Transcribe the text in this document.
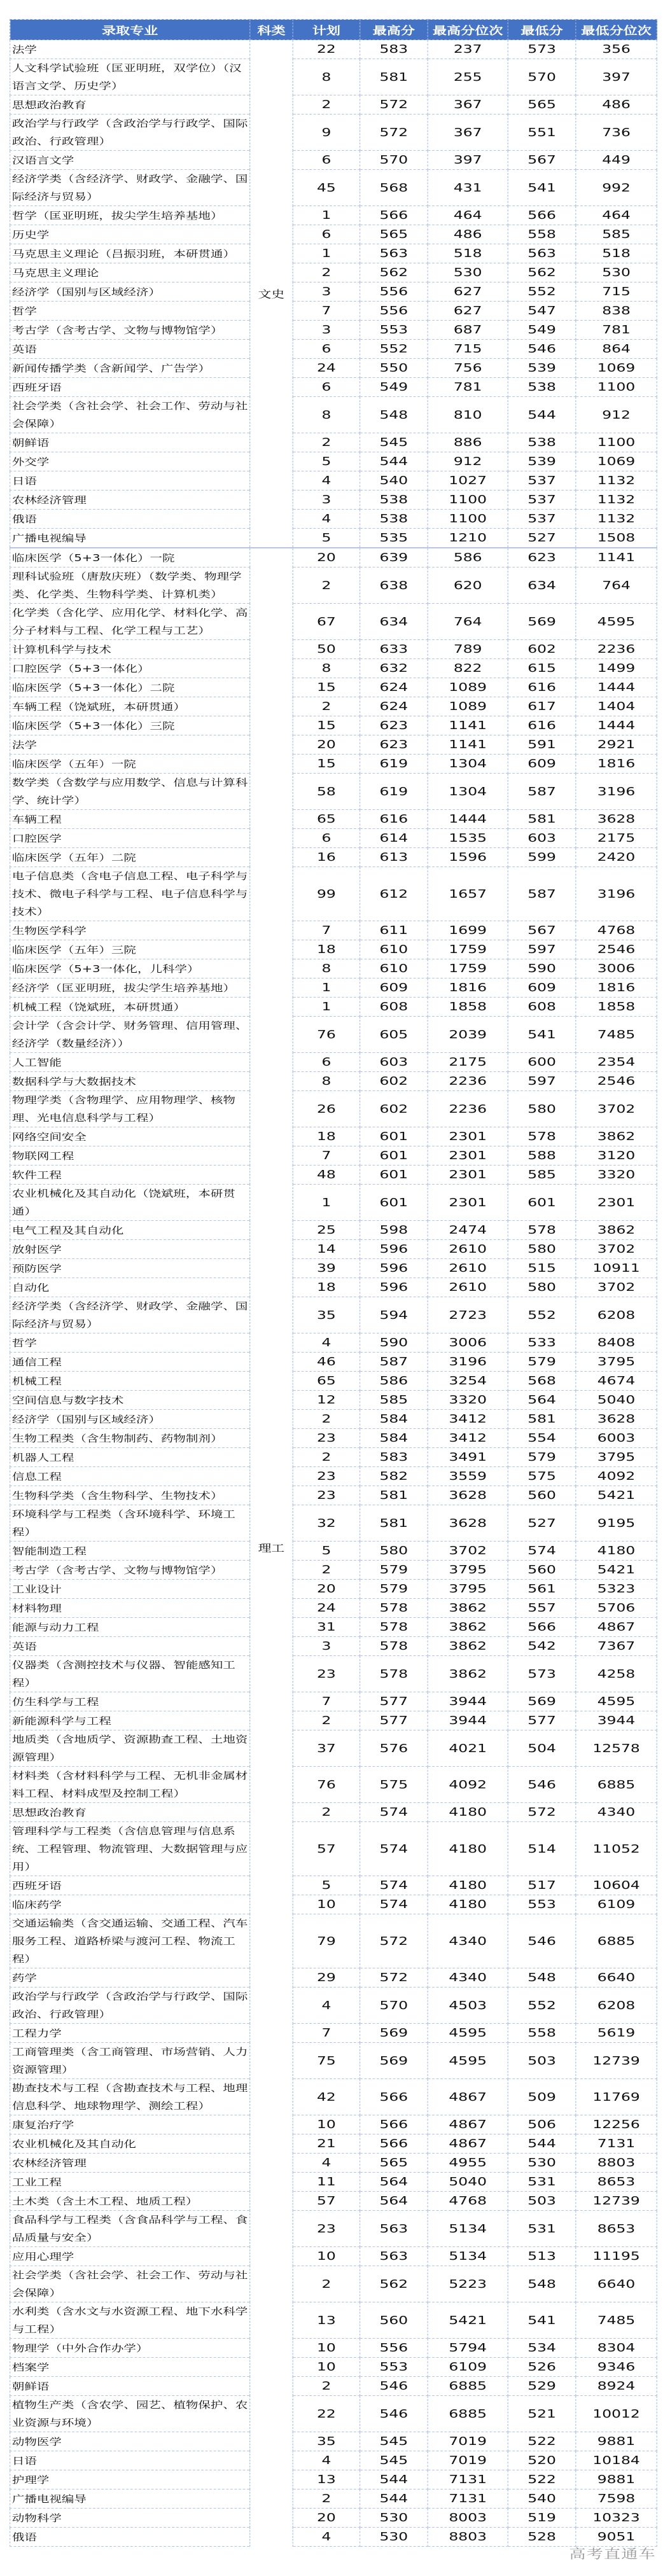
录取专业	科类	计划	最高分	最高分位次	最低分	最低分位次
法学	文史	22	583	237	573	356
人文科学试验班（匡亚明班，双学位）（汉语言文学、历史学）		8	581	255	570	397
思想政治教育		2	572	367	565	486
政治学与行政学（含政治学与行政学、国际政治、行政管理）		9	572	367	551	736
汉语言文学		6	570	397	567	449
经济学类（含经济学、财政学、金融学、国际经济与贸易）		45	568	431	541	992
哲学（匡亚明班，拔尖学生培养基地）		1	566	464	566	464
历史学		6	565	486	558	585
马克思主义理论（吕振羽班，本研贯通）		1	563	518	563	518
马克思主义理论		2	562	530	562	530
经济学（国别与区域经济）		3	556	627	552	715
哲学		7	556	627	547	838
考古学（含考古学、文物与博物馆学）		3	553	687	549	781
英语		6	552	715	546	864
新闻传播学类（含新闻学、广告学）		24	550	756	539	1069
西班牙语		6	549	781	538	1100
社会学类（含社会学、社会工作、劳动与社会保障）		8	548	810	544	912
朝鲜语		2	545	886	538	1100
外交学		5	544	912	539	1069
日语		4	540	1027	537	1132
农林经济管理		3	538	1100	537	1132
俄语		4	538	1100	537	1132
广播电视编导		5	535	1210	527	1508
临床医学（5+3一体化）一院	理工	20	639	586	623	1141
理科试验班（唐敖庆班）（数学类、物理学类、化学类、生物科学类、计算机类）		2	638	620	634	764
化学类（含化学、应用化学、材料化学、高分子材料与工程、化学工程与工艺）		67	634	764	569	4595
计算机科学与技术		50	633	789	602	2236
口腔医学（5+3一体化）		8	632	822	615	1499
临床医学（5+3一体化）二院		15	624	1089	616	1444
车辆工程（饶斌班，本研贯通）		2	624	1089	617	1404
临床医学（5+3一体化）三院		15	623	1141	616	1444
法学		20	623	1141	591	2921
临床医学（五年）一院		15	619	1304	609	1816
数学类（含数学与应用数学、信息与计算科学、统计学）		58	619	1304	587	3196
车辆工程		65	616	1444	581	3628
口腔医学		6	614	1535	603	2175
临床医学（五年）二院		16	613	1596	599	2420
电子信息类（含电子信息工程、电子科学与技术、微电子科学与工程、电子信息科学与技术）		99	612	1657	587	3196
生物医学科学		7	611	1699	567	4768
临床医学（五年）三院		18	610	1759	597	2546
临床医学（5+3一体化，儿科学）		8	610	1759	590	3006
经济学（匡亚明班，拔尖学生培养基地）		1	609	1816	609	1816
机械工程（饶斌班，本研贯通）		1	608	1858	608	1858
会计学（含会计学、财务管理、信用管理、经济学（数量经济））		76	605	2039	541	7485
人工智能		6	603	2175	600	2354
数据科学与大数据技术		8	602	2236	597	2546
物理学类（含物理学、应用物理学、核物理、光电信息科学与工程）		26	602	2236	580	3702
网络空间安全		18	601	2301	578	3862
物联网工程		7	601	2301	588	3120
软件工程		48	601	2301	585	3320
农业机械化及其自动化（饶斌班，本研贯通）		1	601	2301	601	2301
电气工程及其自动化		25	598	2474	578	3862
放射医学		14	596	2610	580	3702
预防医学		39	596	2610	515	10911
自动化		18	596	2610	580	3702
经济学类（含经济学、财政学、金融学、国际经济与贸易）		35	594	2723	552	6208
哲学		4	590	3006	533	8408
通信工程		46	587	3196	579	3795
机械工程		65	586	3254	568	4674
空间信息与数字技术		12	585	3320	564	5040
经济学（国别与区域经济）		2	584	3412	581	3628
生物工程类（含生物制药、药物制剂）		23	584	3412	554	6003
机器人工程		2	583	3491	579	3795
信息工程		23	582	3559	575	4092
生物科学类（含生物科学、生物技术）		23	581	3628	560	5421
环境科学与工程类（含环境科学、环境工程）		32	581	3628	527	9195
智能制造工程		5	580	3702	574	4180
考古学（含考古学、文物与博物馆学）		2	579	3795	560	5421
工业设计		20	579	3795	561	5323
材料物理		24	578	3862	557	5706
能源与动力工程		31	578	3862	566	4867
英语		3	578	3862	542	7367
仪器类（含测控技术与仪器、智能感知工程）		23	578	3862	573	4258
仿生科学与工程		7	577	3944	569	4595
新能源科学与工程		2	577	3944	577	3944
地质类（含地质学、资源勘查工程、土地资源管理）		37	576	4021	504	12578
材料类（含材料科学与工程、无机非金属材料工程、材料成型及控制工程）		76	575	4092	546	6885
思想政治教育		2	574	4180	572	4340
管理科学与工程类（含信息管理与信息系统、工程管理、物流管理、大数据管理与应用）		57	574	4180	514	11052
西班牙语		5	574	4180	517	10604
临床药学		10	574	4180	553	6109
交通运输类（含交通运输、交通工程、汽车服务工程、道路桥梁与渡河工程、物流工程）		79	572	4340	546	6885
药学		29	572	4340	548	6640
政治学与行政学（含政治学与行政学、国际政治、行政管理）		4	570	4503	552	6208
工程力学		7	569	4595	558	5619
工商管理类（含工商管理、市场营销、人力资源管理）		75	569	4595	503	12739
勘查技术与工程（含勘查技术与工程、地理信息科学、地球物理学、测绘工程）		42	566	4867	509	11769
康复治疗学		10	566	4867	506	12256
农业机械化及其自动化		21	566	4867	544	7131
农林经济管理		4	565	4955	530	8803
工业工程		11	564	5040	531	8653
土木类（含土木工程、地质工程）		57	564	4768	503	12739
食品科学与工程类（含食品科学与工程、食品质量与安全）		23	563	5134	531	8653
应用心理学		10	563	5134	513	11195
社会学类（含社会学、社会工作、劳动与社会保障）		2	562	5223	548	6640
水利类（含水文与水资源工程、地下水科学与工程）		13	560	5421	541	7485
物理学（中外合作办学）		10	556	5794	534	8304
档案学		10	553	6109	526	9346
朝鲜语		2	546	6885	529	8924
植物生产类（含农学、园艺、植物保护、农业资源与环境）		22	546	6885	521	10012
动物医学		35	545	7019	522	9881
日语		4	545	7019	520	10184
护理学		13	544	7131	522	9881
广播电视编导		2	544	7131	540	7598
动物科学		20	530	8003	519	10323
俄语		4	530	8803	528	9051
高考直通车
